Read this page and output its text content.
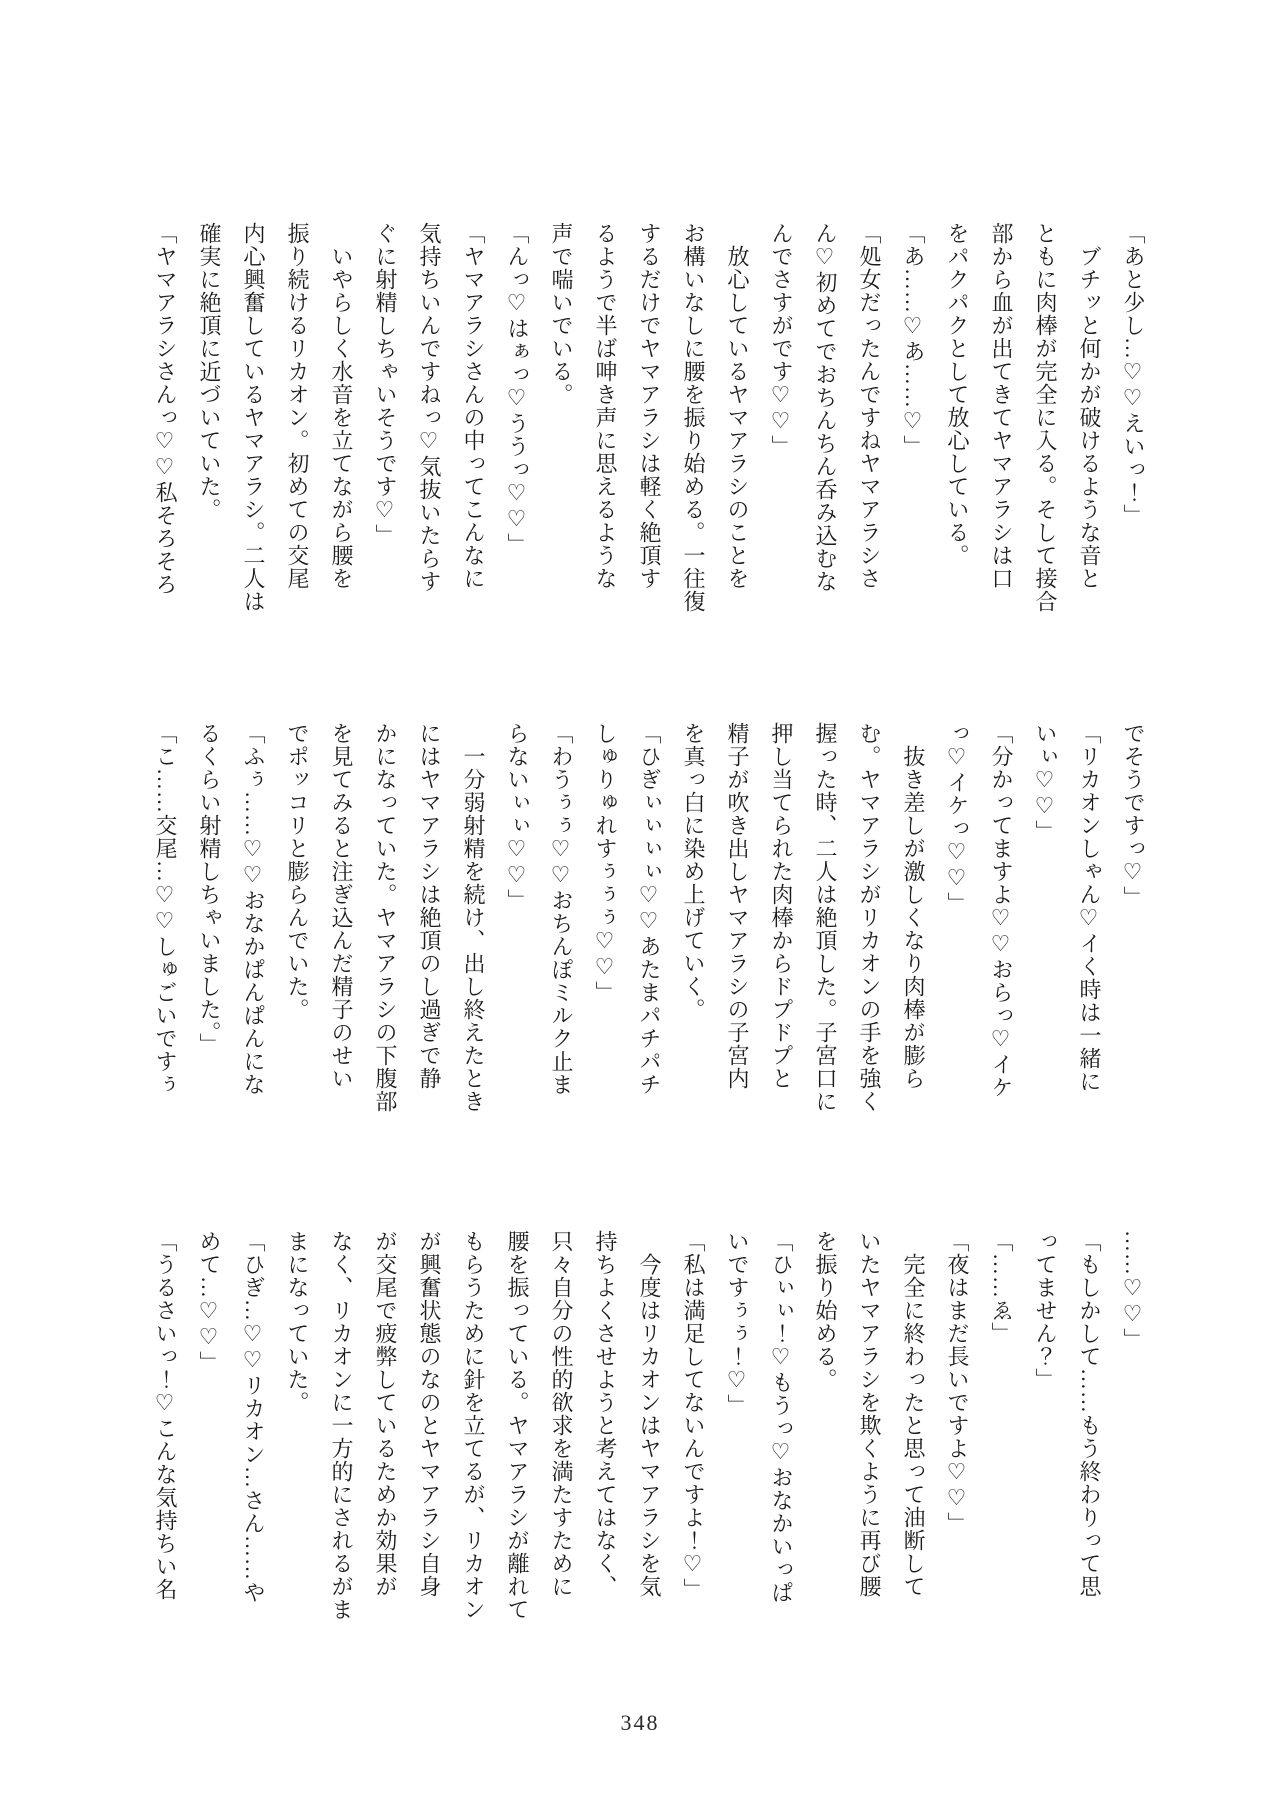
「あと少し…♡♡えいっ！」
　ブチッと何かが破けるような音と
ともに肉棒が完全に入る。そして接合
部から血が出てきてヤマアラシは口
をパクパクとして放心している。
「あ……♡あ……♡」
「処女だったんですねヤマアラシさ
ん♡初めてでおちんちん呑み込むな
んでさすがです♡♡」
　放心しているヤマアラシのことを
お構いなしに腰を振り始める。一往復
するだけでヤマアラシは軽く絶頂す
るようで半ば呻き声に思えるような
声で喘いでいる。
「んっ♡はぁっ♡ううっ♡♡」
「ヤマアラシさんの中ってこんなに
気持ちいんですねっ♡気抜いたらす
ぐに射精しちゃいそうです♡」
　いやらしく水音を立てながら腰を
振り続けるリカオン。初めての交尾
内心興奮しているヤマアラシ。二人は
確実に絶頂に近づいていた。
「ヤマアラシさんっ♡♡私そろそろ
でそうですっ♡」
「リカオンしゃん♡イく時は一緒に
いぃ♡♡」
「分かってますよ♡♡おらっ♡イケ
っ♡イケっ♡♡」
　抜き差しが激しくなり肉棒が膨ら
む。ヤマアラシがリカオンの手を強く
握った時、二人は絶頂した。子宮口に
押し当てられた肉棒からドプドプと
精子が吹き出しヤマアラシの子宮内
を真っ白に染め上げていく。
「ひぎぃぃぃぃ♡♡あたまパチパチ
しゅりゅれすぅぅぅ♡♡」
「わうぅぅ♡♡おちんぽミルク止ま
らないぃぃ♡♡」
　一分弱射精を続け、出し終えたとき
にはヤマアラシは絶頂のし過ぎで静
かになっていた。ヤマアラシの下腹部
を見てみると注ぎ込んだ精子のせい
でポッコリと膨らんでいた。
「ふぅ……♡♡おなかぱんぱんにな
るくらい射精しちゃいました。」
「こ……交尾…♡♡しゅごいですぅ
……♡♡」
「もしかして……もう終わりって思
ってません？」
「……ゑ」
「夜はまだ長いですよ♡♡」
　完全に終わったと思って油断して
いたヤマアラシを欺くように再び腰
を振り始める。
「ひぃぃ！♡もうっ♡おなかいっぱ
いですぅぅ！♡」
「私は満足してないんですよ！♡」
　今度はリカオンはヤマアラシを気
持ちよくさせようと考えてはなく、
只々自分の性的欲求を満たすために
腰を振っている。ヤマアラシが離れて
もらうために針を立てるが、リカオン
が興奮状態のなのとヤマアラシ自身
が交尾で疲弊しているためか効果が
なく、リカオンに一方的にされるがま
まになっていた。
「ひぎ…♡♡リカオン…さん……や
めて…♡♡」
「うるさいっ！♡こんな気持ちい名
348
